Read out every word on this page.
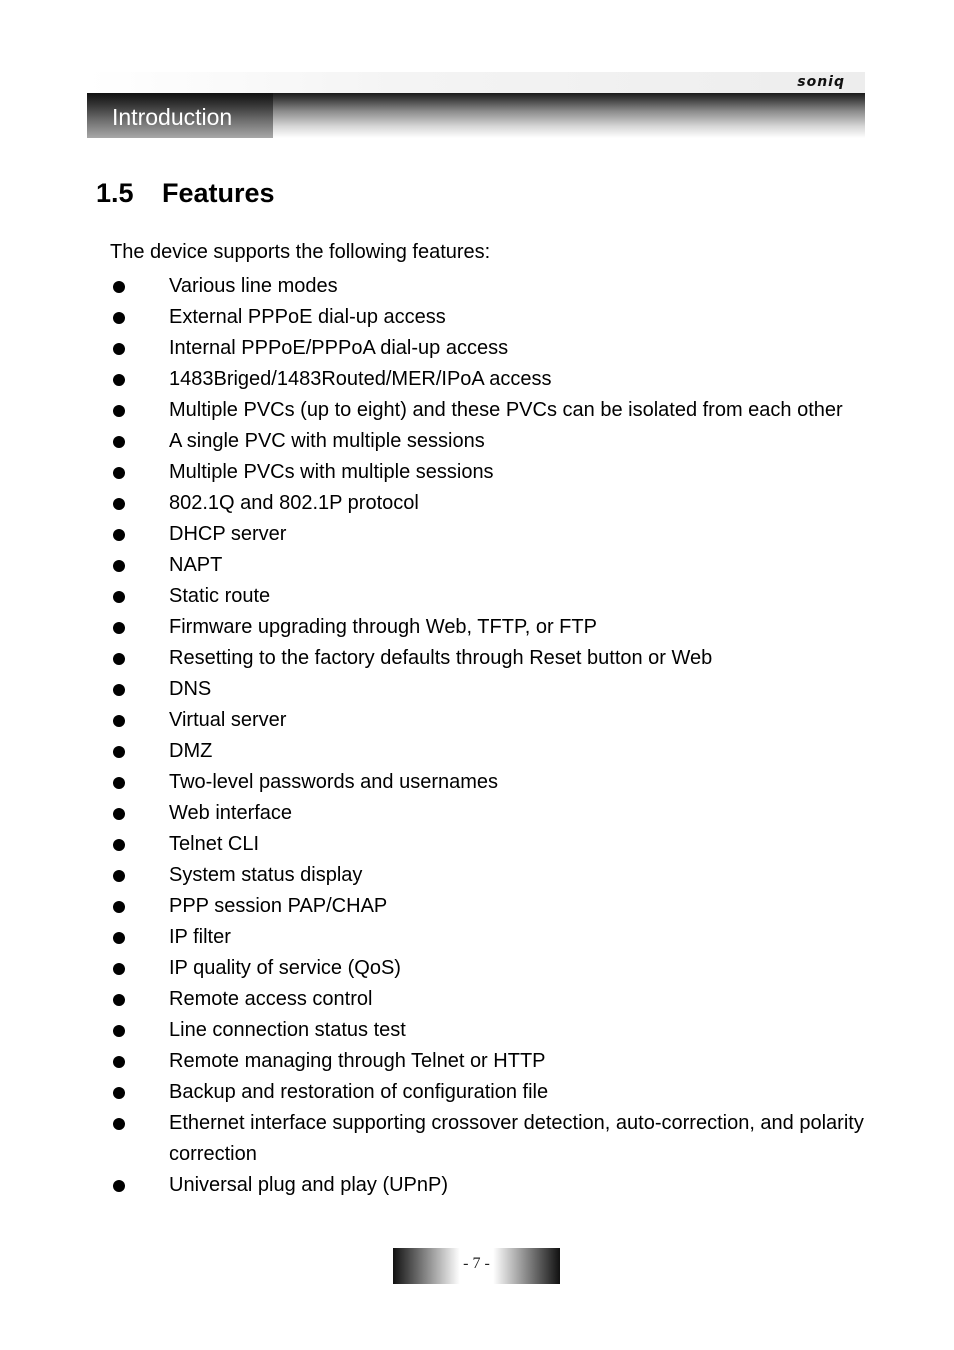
soniq
Introduction
1.5 Features

The device supports the following features:

Various line modes
External PPPoE dial-up access
Internal PPPoE/PPPoA dial-up access
1483Briged/1483Routed/MER/IPoA access
Multiple PVCs (up to eight) and these PVCs can be isolated from each other
A single PVC with multiple sessions
Multiple PVCs with multiple sessions
802.1Q and 802.1P protocol
DHCP server
NAPT
Static route
Firmware upgrading through Web, TFTP, or FTP
Resetting to the factory defaults through Reset button or Web
DNS
Virtual server
DMZ
Two-level passwords and usernames
Web interface
Telnet CLI
System status display
PPP session PAP/CHAP
IP filter
IP quality of service (QoS)
Remote access control
Line connection status test
Remote managing through Telnet or HTTP
Backup and restoration of configuration file
Ethernet interface supporting crossover detection, auto-correction, and polarity correction
Universal plug and play (UPnP)
- 7 -
